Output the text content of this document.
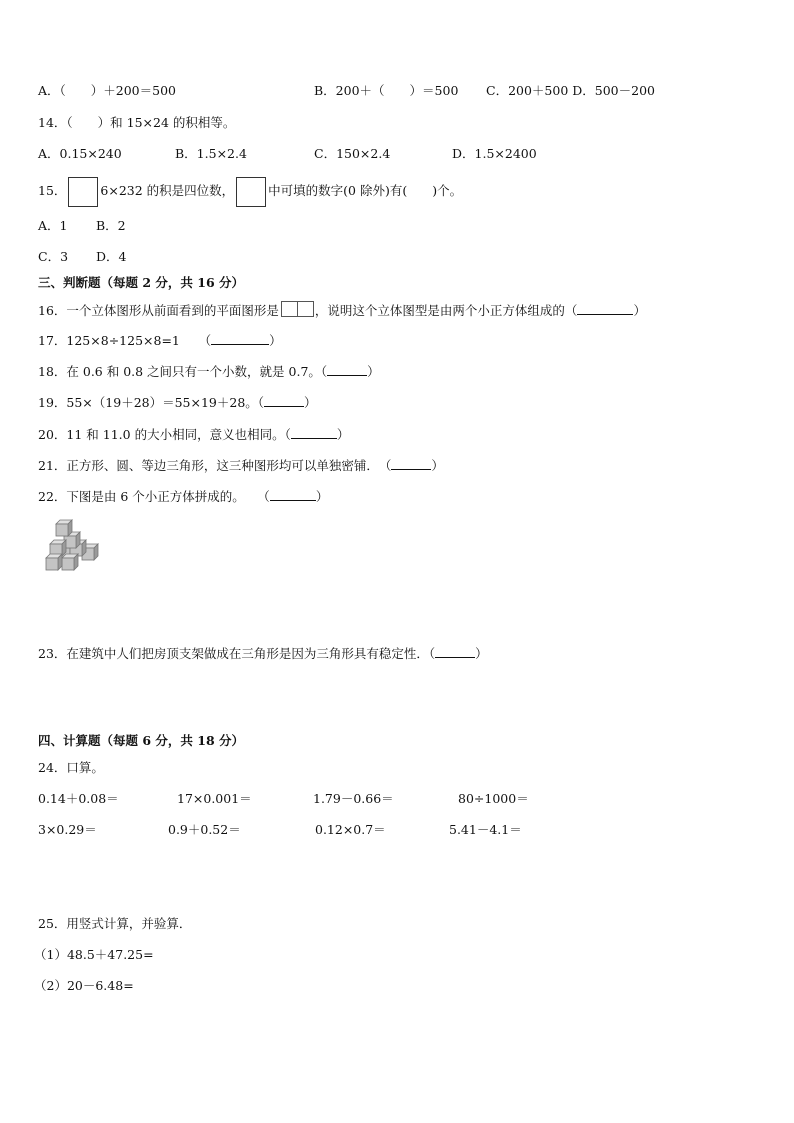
A．（　　）＋200＝500	B．200＋（　　）＝500 C．200＋500 D．500－200
14．（　　）和 15×24 的积相等。
A．0.15×240	B．1.5×2.4	C．150×2.4	D．1.5×2400
15．	6×232 的积是四位数，	中可填的数字(0 除外)有(　　)个。
A．1 B．2
C．3 D．4
三、判断题（每题 2 分，共 16 分）
16．一个立体图形从前面看到的平面图形是	，说明这个立体图型是由两个小正方体组成的（	）
17．125×8÷125×8=1　　（	）
18．在 0.6 和 0.8 之间只有一个小数，就是 0.7。（	）
19．55×（19＋28）＝55×19＋28。（	）
20．11 和 11.0 的大小相同，意义也相同。（	）
21．正方形、圆、等边三角形，这三种图形均可以单独密铺．　（	）
22．下图是由 6 个小正方体拼成的。　　（	）
23．在建筑中人们把房顶支架做成在三角形是因为三角形具有稳定性．（	）
四、计算题（每题 6 分，共 18 分）
24．口算。
0.14＋0.08＝	17×0.001＝	1.79－0.66＝	80÷1000＝
3×0.29＝	0.9＋0.52＝	0.12×0.7＝	5.41－4.1＝
25．用竖式计算，并验算．
（1）48.5＋47.25=
（2）20－6.48=
